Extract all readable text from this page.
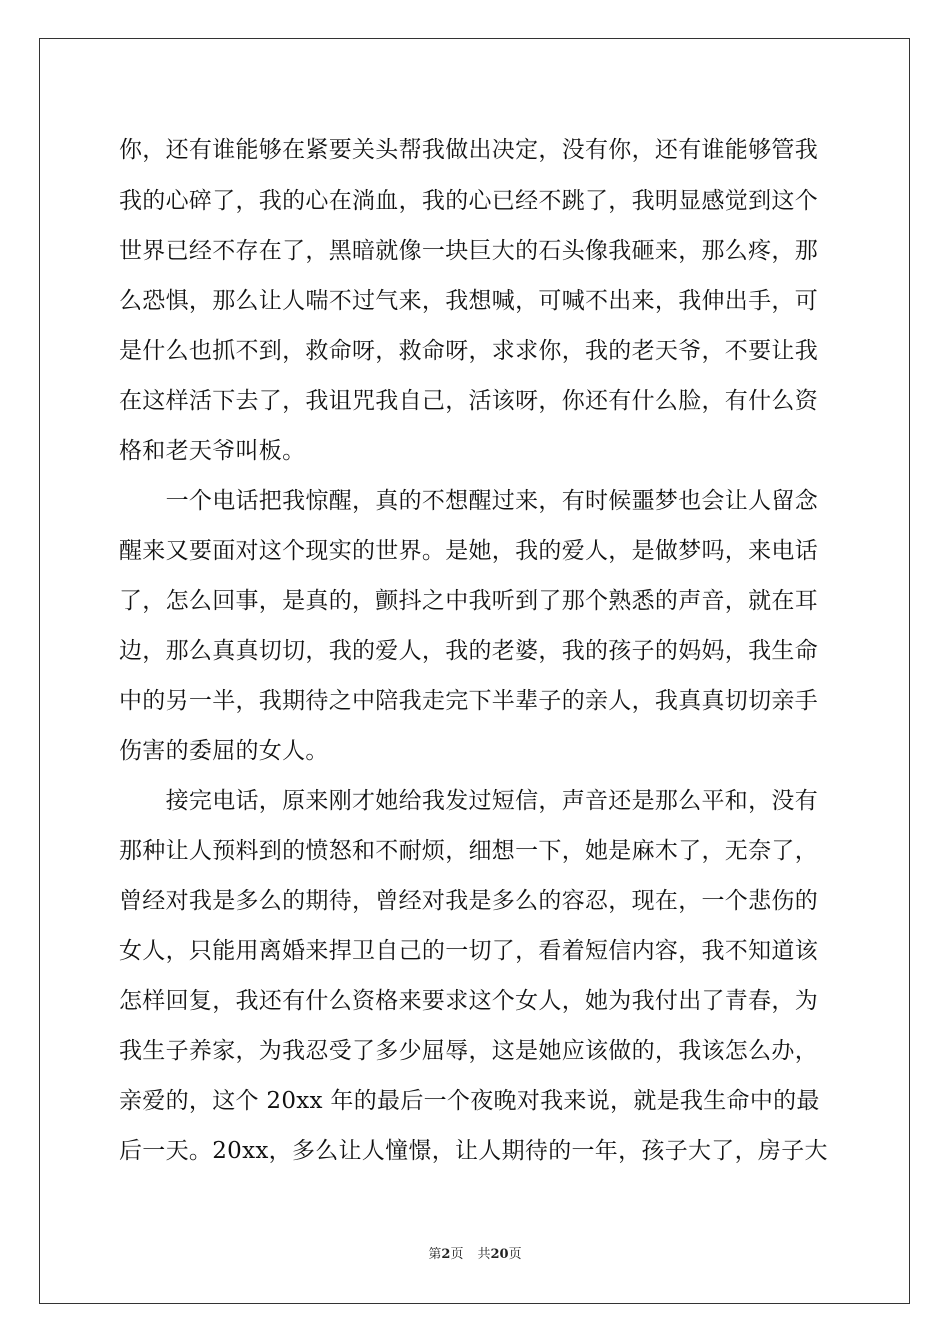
你，还有谁能够在紧要关头帮我做出决定，没有你，还有谁能够管我
我的心碎了，我的心在淌血，我的心已经不跳了，我明显感觉到这个
世界已经不存在了，黑暗就像一块巨大的石头像我砸来，那么疼，那
么恐惧，那么让人喘不过气来，我想喊，可喊不出来，我伸出手，可
是什么也抓不到，救命呀，救命呀，求求你，我的老天爷，不要让我
在这样活下去了，我诅咒我自己，活该呀，你还有什么脸，有什么资
格和老天爷叫板。
　　一个电话把我惊醒，真的不想醒过来，有时候噩梦也会让人留念
醒来又要面对这个现实的世界。是她，我的爱人，是做梦吗，来电话
了，怎么回事，是真的，颤抖之中我听到了那个熟悉的声音，就在耳
边，那么真真切切，我的爱人，我的老婆，我的孩子的妈妈，我生命
中的另一半，我期待之中陪我走完下半辈子的亲人，我真真切切亲手
伤害的委屈的女人。
　　接完电话，原来刚才她给我发过短信，声音还是那么平和，没有
那种让人预料到的愤怒和不耐烦，细想一下，她是麻木了，无奈了，
曾经对我是多么的期待，曾经对我是多么的容忍，现在，一个悲伤的
女人，只能用离婚来捍卫自己的一切了，看着短信内容，我不知道该
怎样回复，我还有什么资格来要求这个女人，她为我付出了青春，为
我生子养家，为我忍受了多少屈辱，这是她应该做的，我该怎么办，
亲爱的，这个 20xx 年的最后一个夜晚对我来说，就是我生命中的最
后一天。20xx，多么让人憧憬，让人期待的一年，孩子大了，房子大
第2页 共20页
